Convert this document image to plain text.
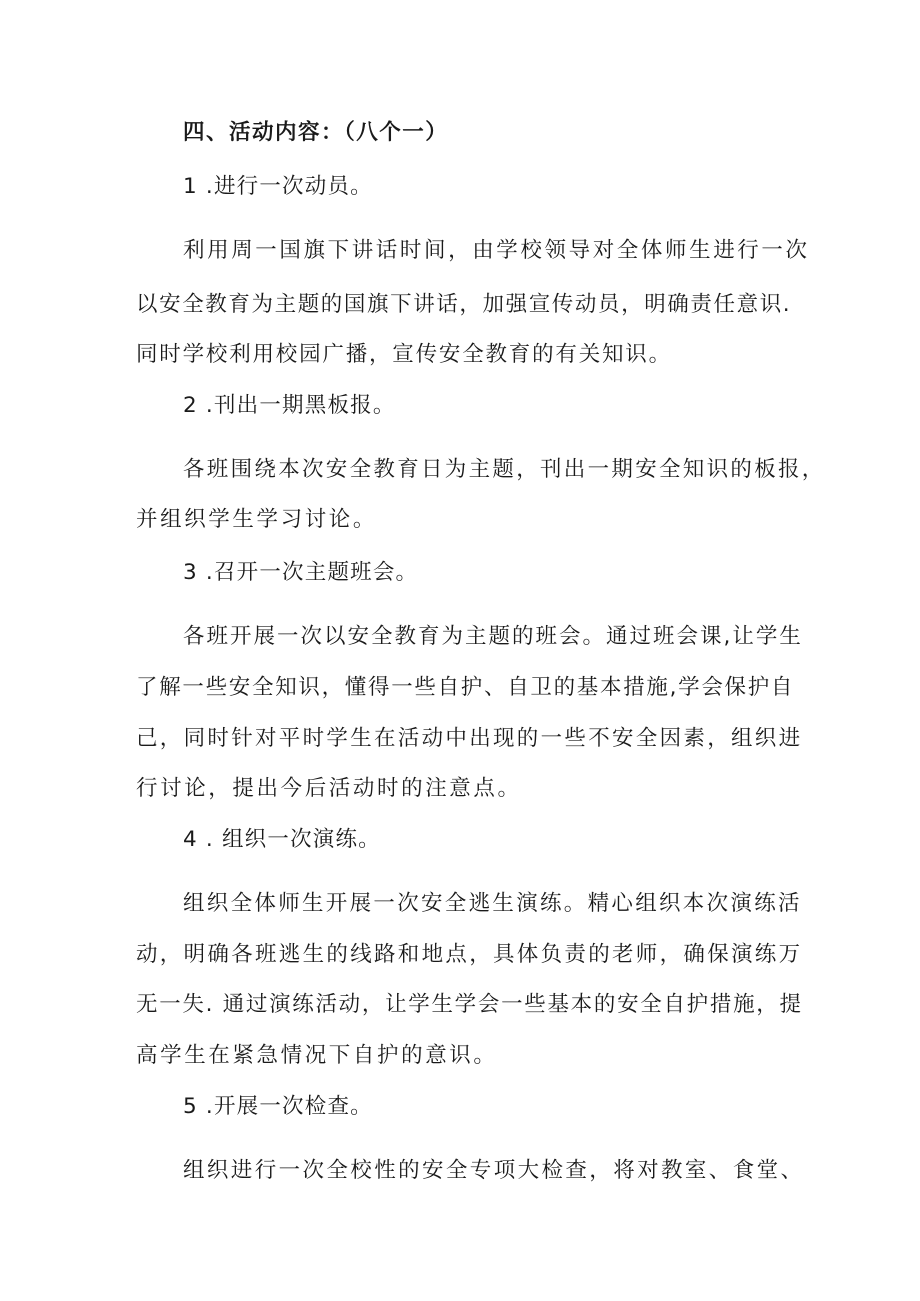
四、活动内容：（八个一）
1 .进行一次动员。
利用周一国旗下讲话时间，由学校领导对全体师生进行一次
以安全教育为主题的国旗下讲话，加强宣传动员，明确责任意识.
同时学校利用校园广播，宣传安全教育的有关知识。
2 .刊出一期黑板报。
各班围绕本次安全教育日为主题，刊出一期安全知识的板报，
并组织学生学习讨论。
3 .召开一次主题班会。
各班开展一次以安全教育为主题的班会。通过班会课,让学生
了解一些安全知识，懂得一些自护、自卫的基本措施,学会保护自
己，同时针对平时学生在活动中出现的一些不安全因素，组织进
行讨论，提出今后活动时的注意点。
4 . 组织一次演练。
组织全体师生开展一次安全逃生演练。精心组织本次演练活
动，明确各班逃生的线路和地点，具体负责的老师，确保演练万
无一失. 通过演练活动，让学生学会一些基本的安全自护措施，提
高学生在紧急情况下自护的意识。
5 .开展一次检查。
组织进行一次全校性的安全专项大检查，将对教室、食堂、
